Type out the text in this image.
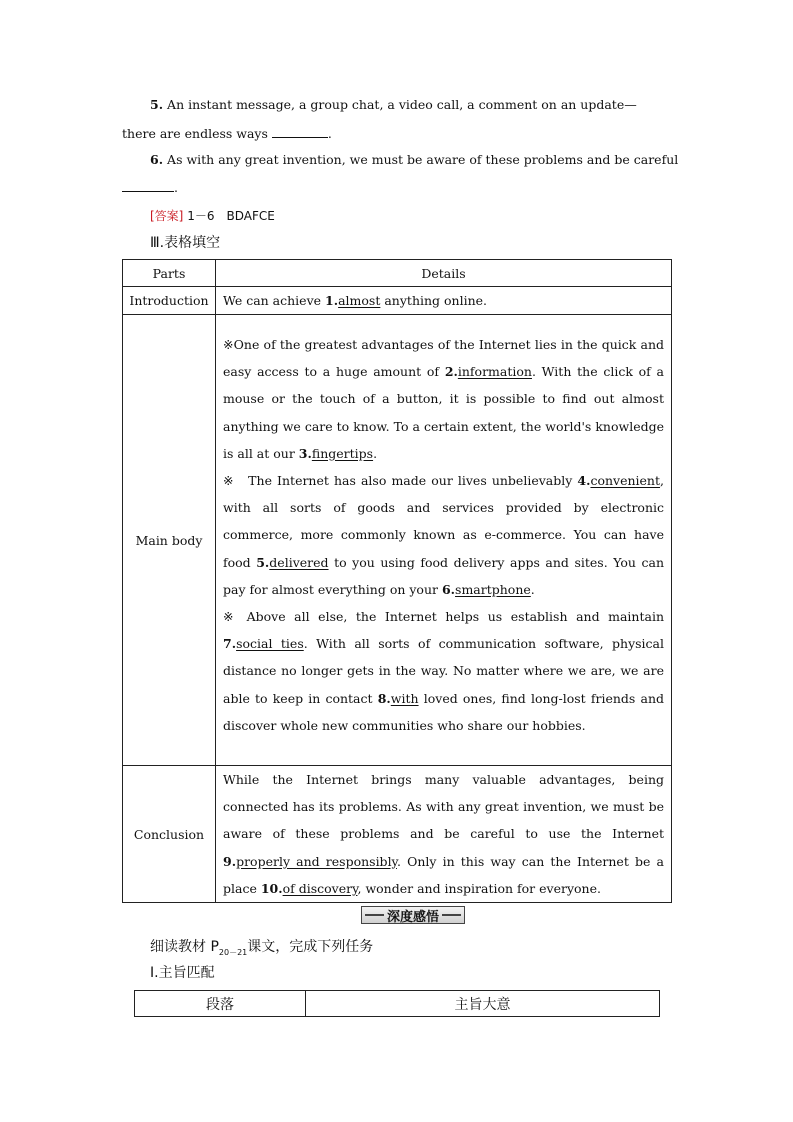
5. An instant message, a group chat, a video call, a comment on an update—
there are endless ways	.
6. As with any great invention, we must be aware of these problems and be careful
.
[答案] 1－6　BDAFCE
Ⅲ.表格填空
Parts	Details
Introduction	We can achieve 1.almost anything online.
Main body	※One of the greatest advantages of the Internet lies in the quick and easy access to a huge amount of 2.information. With the click of a mouse or the touch of a button, it is possible to find out almost anything we care to know. To a certain extent, the world's knowledge is all at our 3.fingertips.

※　The Internet has also made our lives unbelievably 4.convenient, with all sorts of goods and services provided by electronic commerce, more commonly known as e-commerce. You can have food 5.delivered to you using food delivery apps and sites. You can pay for almost everything on your 6.smartphone.

※ Above all else, the Internet helps us establish and maintain 7.social ties. With all sorts of communication software, physical distance no longer gets in the way. No matter where we are, we are able to keep in contact 8.with loved ones, find long-lost friends and discover whole new communities who share our hobbies.

Conclusion	While the Internet brings many valuable advantages, being connected has its problems. As with any great invention, we must be aware of these problems and be careful to use the Internet 9.properly and responsibly. Only in this way can the Internet be a place 10.of discovery, wonder and inspiration for everyone.

深度感悟
细读教材 $P_{20-21}$课文，完成下列任务
Ⅰ.主旨匹配
段落	主旨大意
